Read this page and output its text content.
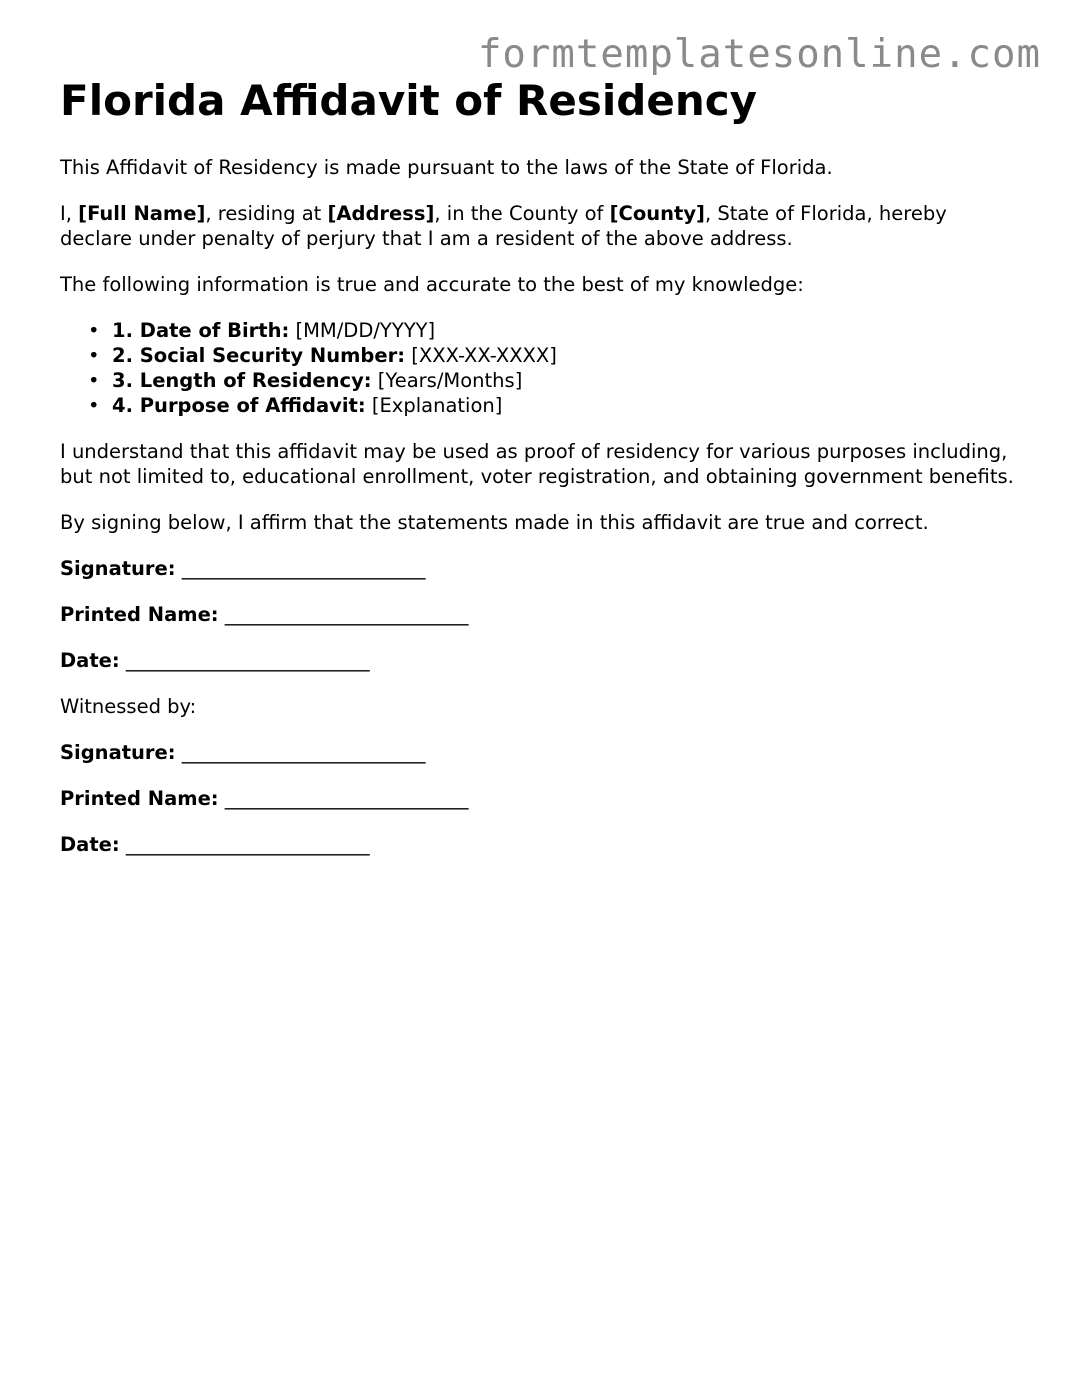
formtemplatesonline.com
Florida Affidavit of Residency

This Affidavit of Residency is made pursuant to the laws of the State of Florida.

I, [Full Name], residing at [Address], in the County of [County], State of Florida, hereby declare under penalty of perjury that I am a resident of the above address.

The following information is true and accurate to the best of my knowledge:

• 1. Date of Birth: [MM/DD/YYYY]
• 2. Social Security Number: [XXX-XX-XXXX]
• 3. Length of Residency: [Years/Months]
• 4. Purpose of Affidavit: [Explanation]

I understand that this affidavit may be used as proof of residency for various purposes including, but not limited to, educational enrollment, voter registration, and obtaining government benefits.

By signing below, I affirm that the statements made in this affidavit are true and correct.

Signature: _________________________
Printed Name: _________________________
Date: _________________________

Witnessed by:

Signature: _________________________
Printed Name: _________________________
Date: _________________________
